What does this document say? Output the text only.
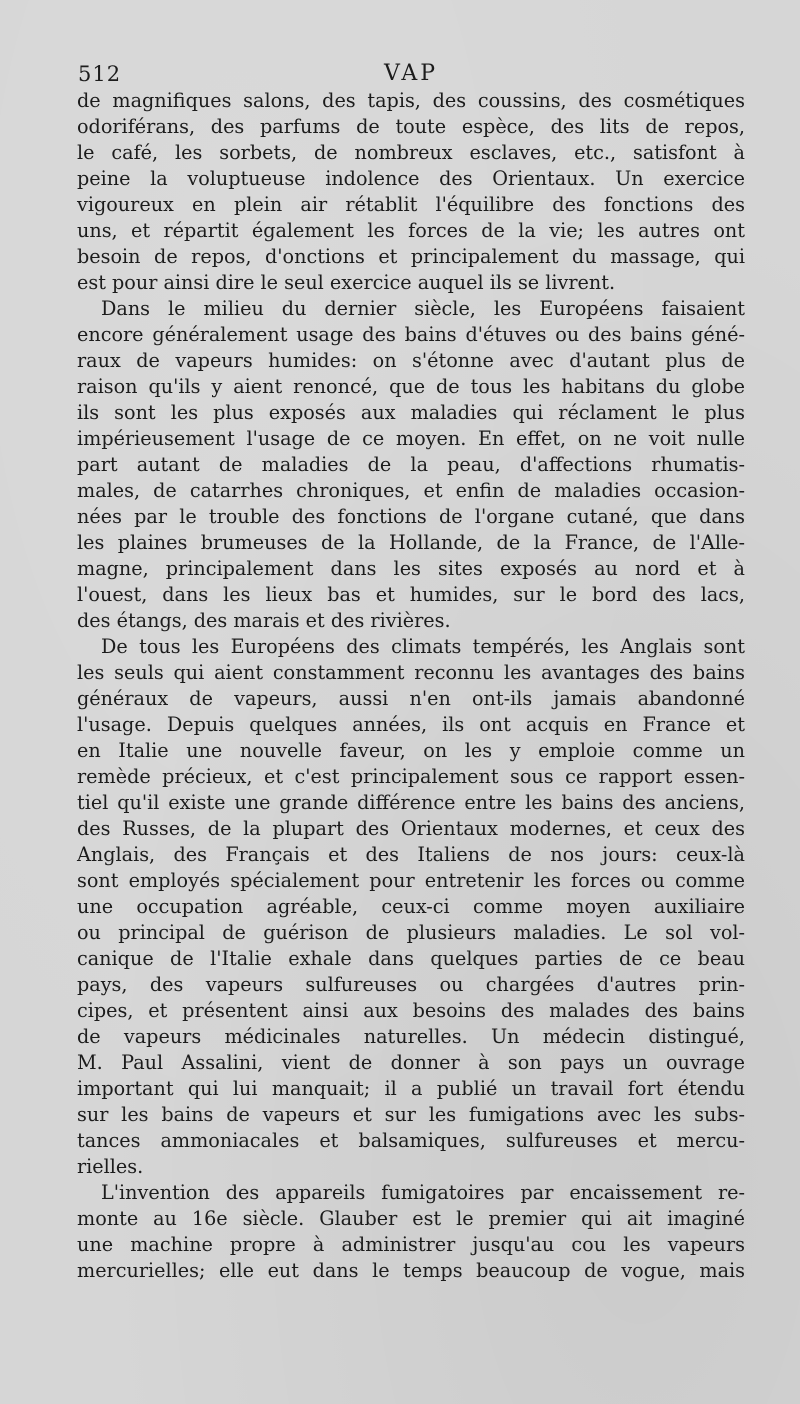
512	VAP
de magnifiques salons, des tapis, des coussins, des cosmétiques
odoriférans, des parfums de toute espèce, des lits de repos,
le café, les sorbets, de nombreux esclaves, etc., satisfont à
peine la voluptueuse indolence des Orientaux. Un exercice
vigoureux en plein air rétablit l'équilibre des fonctions des
uns, et répartit également les forces de la vie; les autres ont
besoin de repos, d'onctions et principalement du massage, qui
est pour ainsi dire le seul exercice auquel ils se livrent.
Dans le milieu du dernier siècle, les Européens faisaient
encore généralement usage des bains d'étuves ou des bains géné-
raux de vapeurs humides: on s'étonne avec d'autant plus de
raison qu'ils y aient renoncé, que de tous les habitans du globe
ils sont les plus exposés aux maladies qui réclament le plus
impérieusement l'usage de ce moyen. En effet, on ne voit nulle
part autant de maladies de la peau, d'affections rhumatis-
males, de catarrhes chroniques, et enfin de maladies occasion-
nées par le trouble des fonctions de l'organe cutané, que dans
les plaines brumeuses de la Hollande, de la France, de l'Alle-
magne, principalement dans les sites exposés au nord et à
l'ouest, dans les lieux bas et humides, sur le bord des lacs,
des étangs, des marais et des rivières.
De tous les Européens des climats tempérés, les Anglais sont
les seuls qui aient constamment reconnu les avantages des bains
généraux de vapeurs, aussi n'en ont-ils jamais abandonné
l'usage. Depuis quelques années, ils ont acquis en France et
en Italie une nouvelle faveur, on les y emploie comme un
remède précieux, et c'est principalement sous ce rapport essen-
tiel qu'il existe une grande différence entre les bains des anciens,
des Russes, de la plupart des Orientaux modernes, et ceux des
Anglais, des Français et des Italiens de nos jours: ceux-là
sont employés spécialement pour entretenir les forces ou comme
une occupation agréable, ceux-ci comme moyen auxiliaire
ou principal de guérison de plusieurs maladies. Le sol vol-
canique de l'Italie exhale dans quelques parties de ce beau
pays, des vapeurs sulfureuses ou chargées d'autres prin-
cipes, et présentent ainsi aux besoins des malades des bains
de vapeurs médicinales naturelles. Un médecin distingué,
M. Paul Assalini, vient de donner à son pays un ouvrage
important qui lui manquait; il a publié un travail fort étendu
sur les bains de vapeurs et sur les fumigations avec les subs-
tances ammoniacales et balsamiques, sulfureuses et mercu-
rielles.
L'invention des appareils fumigatoires par encaissement re-
monte au 16e siècle. Glauber est le premier qui ait imaginé
une machine propre à administrer jusqu'au cou les vapeurs
mercurielles; elle eut dans le temps beaucoup de vogue, mais
